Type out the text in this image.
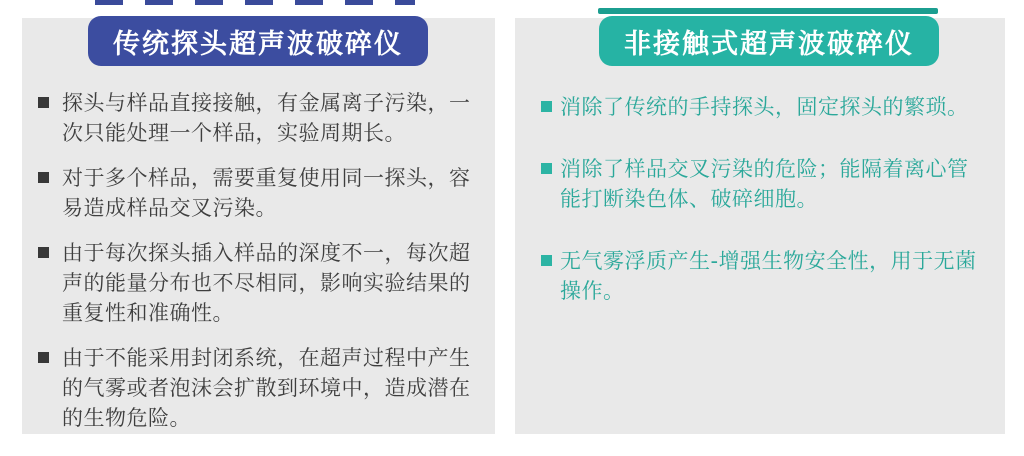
传统探头超声波破碎仪
探头与样品直接接触，有金属离子污染，一次只能处理一个样品，实验周期长。
对于多个样品，需要重复使用同一探头，容易造成样品交叉污染。
由于每次探头插入样品的深度不一，每次超声的能量分布也不尽相同，影响实验结果的重复性和准确性。
由于不能采用封闭系统，在超声过程中产生的气雾或者泡沫会扩散到环境中，造成潜在的生物危险。
非接触式超声波破碎仪
消除了传统的手持探头，固定探头的繁琐。
消除了样品交叉污染的危险；能隔着离心管能打断染色体、破碎细胞。
无气雾浮质产生-增强生物安全性，用于无菌操作。
